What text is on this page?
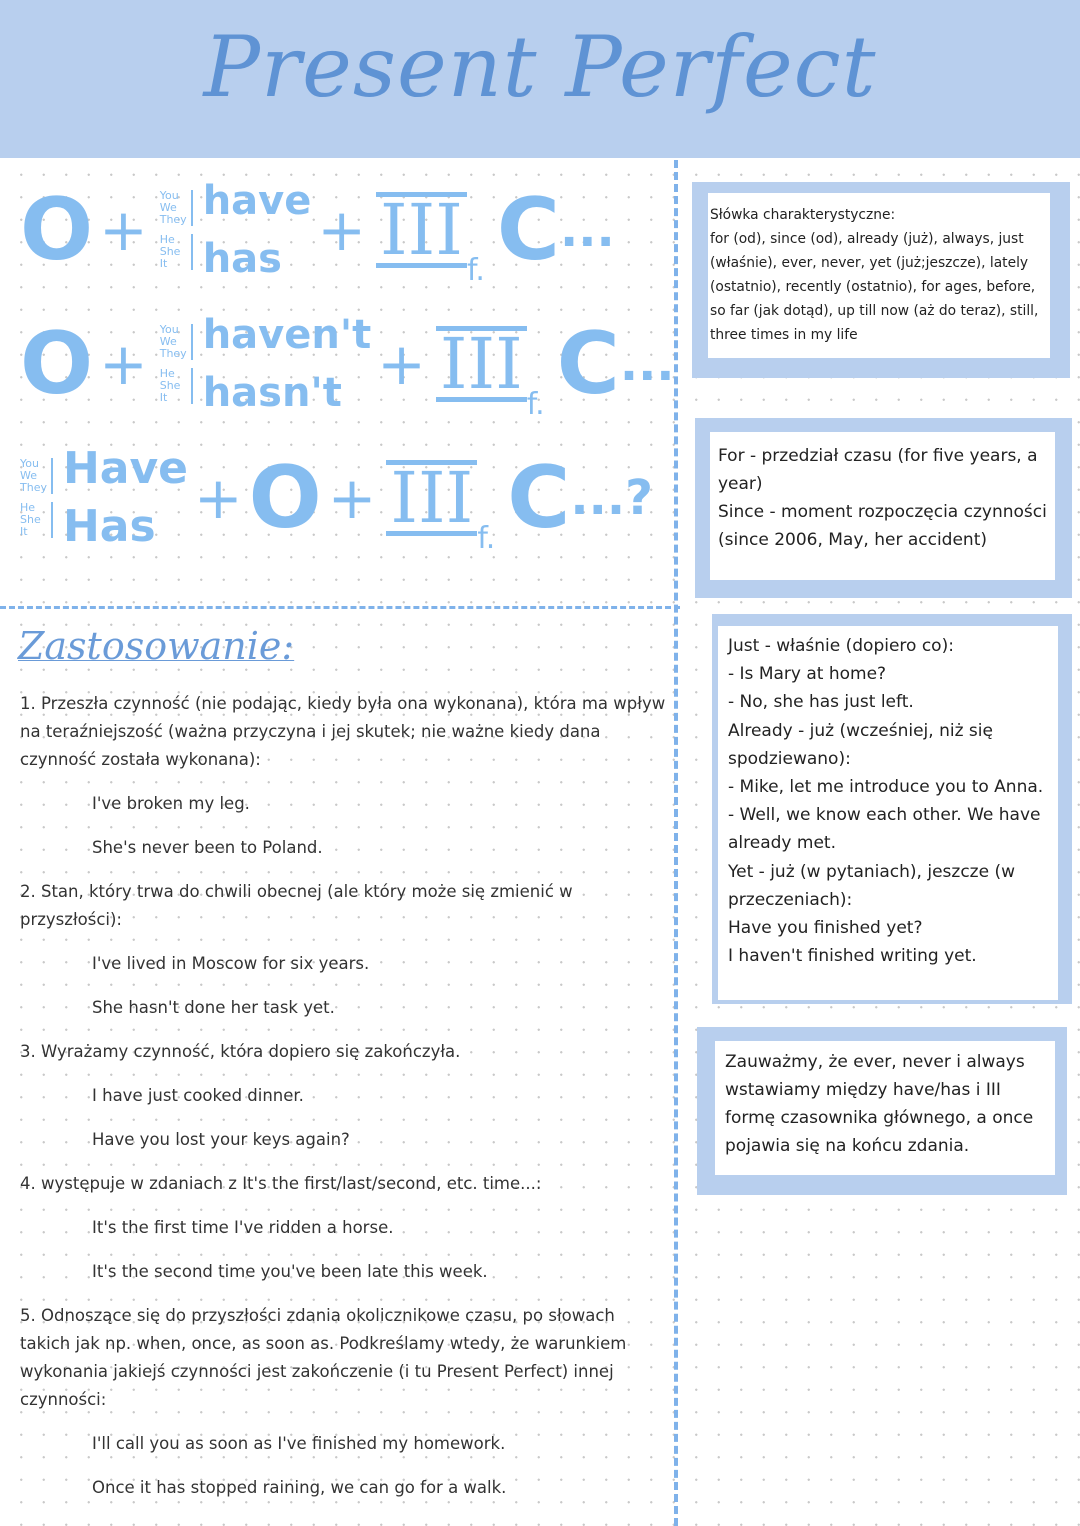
Present Perfect
O +
You
We
They
He
She
It
have
has + III f. C ...
O +
You
We
They
He
She
It
haven't
hasn't + III f. C ...
You
We
They
He
She
It
Have
Has + O + III f. C ...?
Zastosowanie:

1. Przeszła czynność (nie podając, kiedy była ona wykonana), która ma wpływ na teraźniejszość (ważna przyczyna i jej skutek; nie ważne kiedy dana czynność została wykonana):

I've broken my leg.

She's never been to Poland.

2. Stan, który trwa do chwili obecnej (ale który może się zmienić w przyszłości):

I've lived in Moscow for six years.

She hasn't done her task yet.

3. Wyrażamy czynność, która dopiero się zakończyła.

I have just cooked dinner.

Have you lost your keys again?

4. występuje w zdaniach z It's the first/last/second, etc. time...:

It's the first time I've ridden a horse.

It's the second time you've been late this week.

5. Odnoszące się do przyszłości zdania okolicznikowe czasu, po słowach takich jak np. when, once, as soon as. Podkreślamy wtedy, że warunkiem wykonania jakiejś czynności jest zakończenie (i tu Present Perfect) innej czynności:

I'll call you as soon as I've finished my homework.

Once it has stopped raining, we can go for a walk.

Słówka charakterystyczne:

for (od), since (od), already (już), always, just (właśnie), ever, never, yet (już;jeszcze), lately (ostatnio), recently (ostatnio), for ages, before, so far (jak dotąd), up till now (aż do teraz), still, three times in my life

For - przedział czasu (for five years, a year)

Since - moment rozpoczęcia czynności (since 2006, May, her accident)

Just - właśnie (dopiero co):

- Is Mary at home?

- No, she has just left.

Already - już (wcześniej, niż się spodziewano):

- Mike, let me introduce you to Anna.

- Well, we know each other. We have already met.

Yet - już (w pytaniach), jeszcze (w przeczeniach):

Have you finished yet?

I haven't finished writing yet.

Zauważmy, że ever, never i always wstawiamy między have/has i III formę czasownika głównego, a once pojawia się na końcu zdania.
